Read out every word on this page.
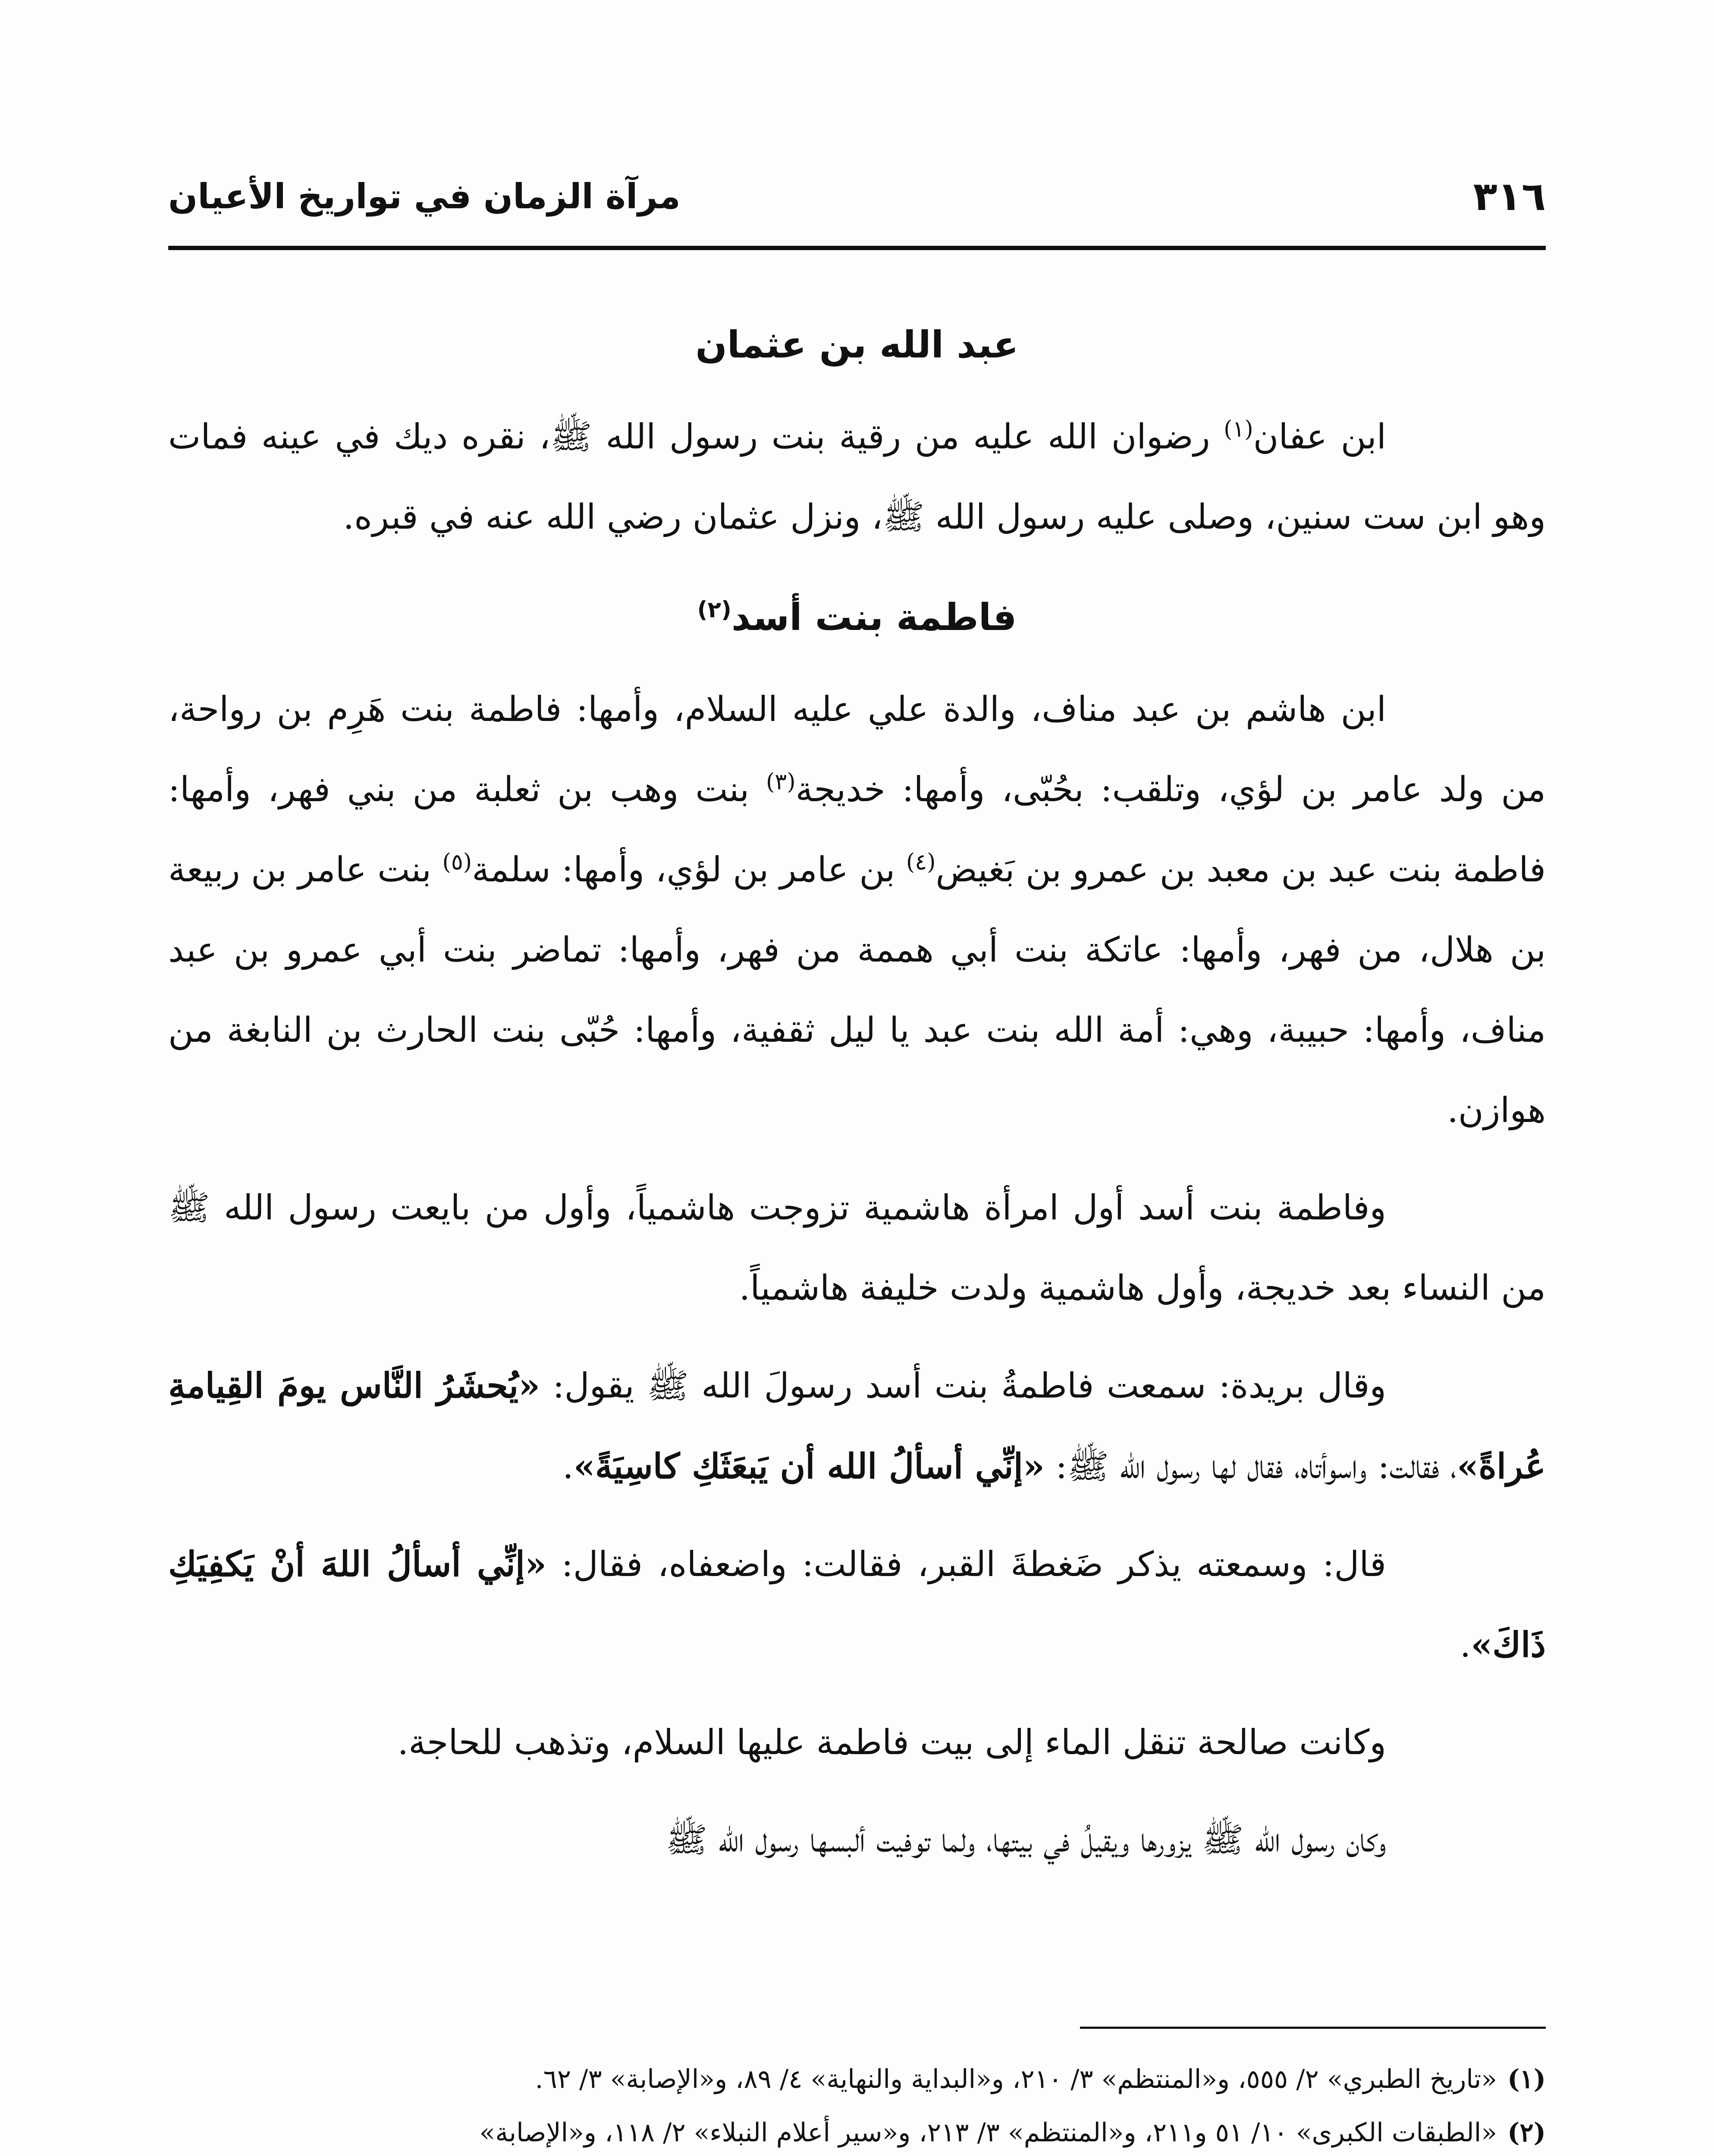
٣١٦
مرآة الزمان في تواريخ الأعيان
عبد الله بن عثمان

ابن عفان$^{(١)}$ رضوان الله عليه من رقية بنت رسول الله ﷺ، نقره ديك في عينه فمات وهو ابن ست سنين، وصلى عليه رسول الله ﷺ، ونزل عثمان رضي الله عنه في قبره.

فاطمة بنت أسد$^{(٢)}$

ابن هاشم بن عبد مناف، والدة علي عليه السلام، وأمها: فاطمة بنت هَرِم بن رواحة، من ولد عامر بن لؤي، وتلقب: بحُبّى، وأمها: خديجة$^{(٣)}$ بنت وهب بن ثعلبة من بني فهر، وأمها: فاطمة بنت عبد بن معبد بن عمرو بن بَغيض$^{(٤)}$ بن عامر بن لؤي، وأمها: سلمة$^{(٥)}$ بنت عامر بن ربيعة بن هلال، من فهر، وأمها: عاتكة بنت أبي هممة من فهر، وأمها: تماضر بنت أبي عمرو بن عبد مناف، وأمها: حبيبة، وهي: أمة الله بنت عبد يا ليل ثقفية، وأمها: حُبّى بنت الحارث بن النابغة من هوازن.

وفاطمة بنت أسد أول امرأة هاشمية تزوجت هاشمياً، وأول من بايعت رسول الله ﷺ من النساء بعد خديجة، وأول هاشمية ولدت خليفة هاشمياً.

وقال بريدة: سمعت فاطمةُ بنت أسد رسولَ الله ﷺ يقول: «يُحشَرُ النَّاس يومَ القِيامةِ عُراةً»، فقالت: واسوأتاه، فقال لها رسول الله ﷺ: «إنِّي أسألُ الله أن يَبعَثَكِ كاسِيَةً».

قال: وسمعته يذكر ضَغطةَ القبر، فقالت: واضعفاه، فقال: «إنِّي أسألُ اللهَ أنْ يَكفِيَكِ ذَاكَ».

وكانت صالحة تنقل الماء إلى بيت فاطمة عليها السلام، وتذهب للحاجة.

وكان رسول الله ﷺ يزورها ويقيلُ في بيتها، ولما توفيت ألبسها رسول الله ﷺ

(١)«تاريخ الطبري» ٢/ ٥٥٥، و«المنتظم» ٣/ ٢١٠، و«البداية والنهاية» ٤/ ٨٩، و«الإصابة» ٣/ ٦٢.

(٢)«الطبقات الكبرى» ١٠/ ٥١ و٢١١، و«المنتظم» ٣/ ٢١٣، و«سير أعلام النبلاء» ٢/ ١١٨، و«الإصابة»
